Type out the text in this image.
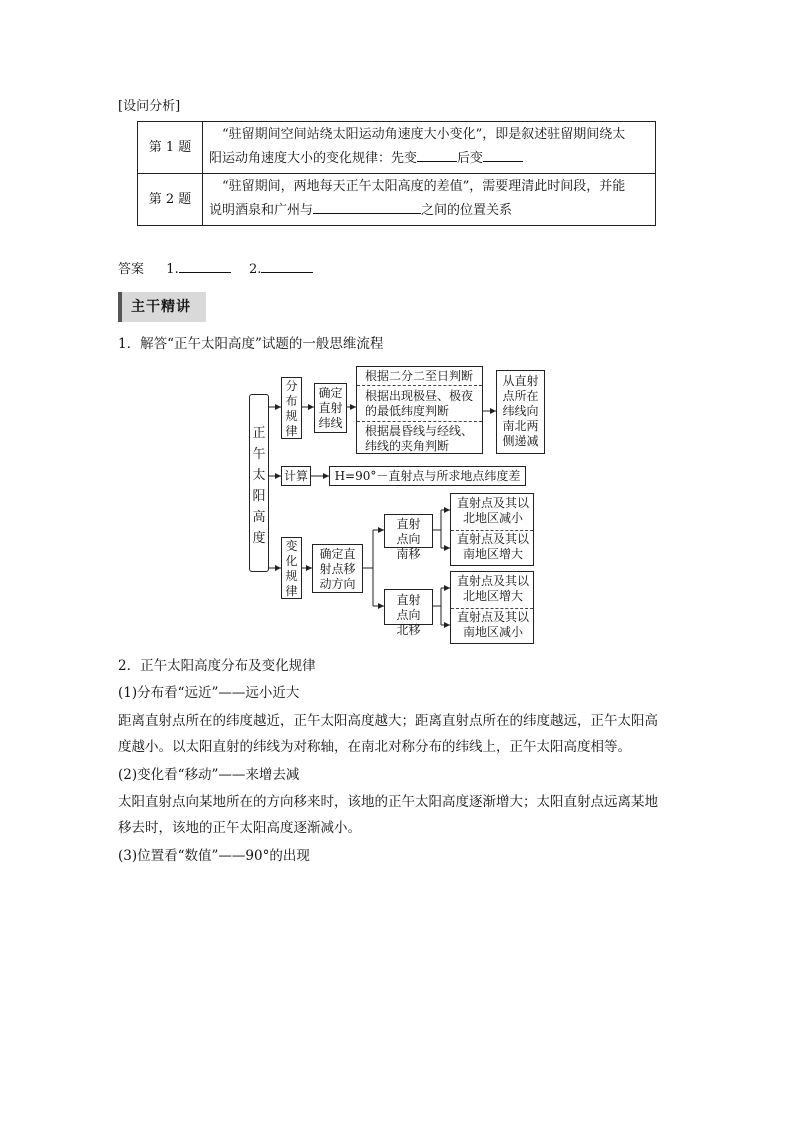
[设问分析]
第 1 题	“驻留期间空间站绕太阳运动角速度大小变化”，即是叙述驻留期间绕太
阳运动角速度大小的变化规律：先变 后变

第 2 题	“驻留期间，两地每天正午太阳高度的差值”，需要理清此时间段，并能
说明酒泉和广州与 之间的位置关系
答案 1.	2.
主干精讲
1．解答“正午太阳高度”试题的一般思维流程
正午太阳高度
分布规律
确定直射纬线
根据二分二至日判断
根据出现极昼、极夜的最低纬度判断
根据晨昏线与经线、纬线的夹角判断
从直射点所在纬线向南北两侧递减
计算	H=90°－直射点与所求地点纬度差
变化规律
确定直射点移动方向
直射点向南移
直射点向北移
直射点及其以北地区减小
直射点及其以南地区增大
直射点及其以北地区增大
直射点及其以南地区减小
2．正午太阳高度分布及变化规律
(1)分布看“远近”——远小近大
距离直射点所在的纬度越近，正午太阳高度越大；距离直射点所在的纬度越远，正午太阳高
度越小。以太阳直射的纬线为对称轴，在南北对称分布的纬线上，正午太阳高度相等。
(2)变化看“移动”——来增去减
太阳直射点向某地所在的方向移来时，该地的正午太阳高度逐渐增大；太阳直射点远离某地
移去时，该地的正午太阳高度逐渐减小。
(3)位置看“数值”——90°的出现
